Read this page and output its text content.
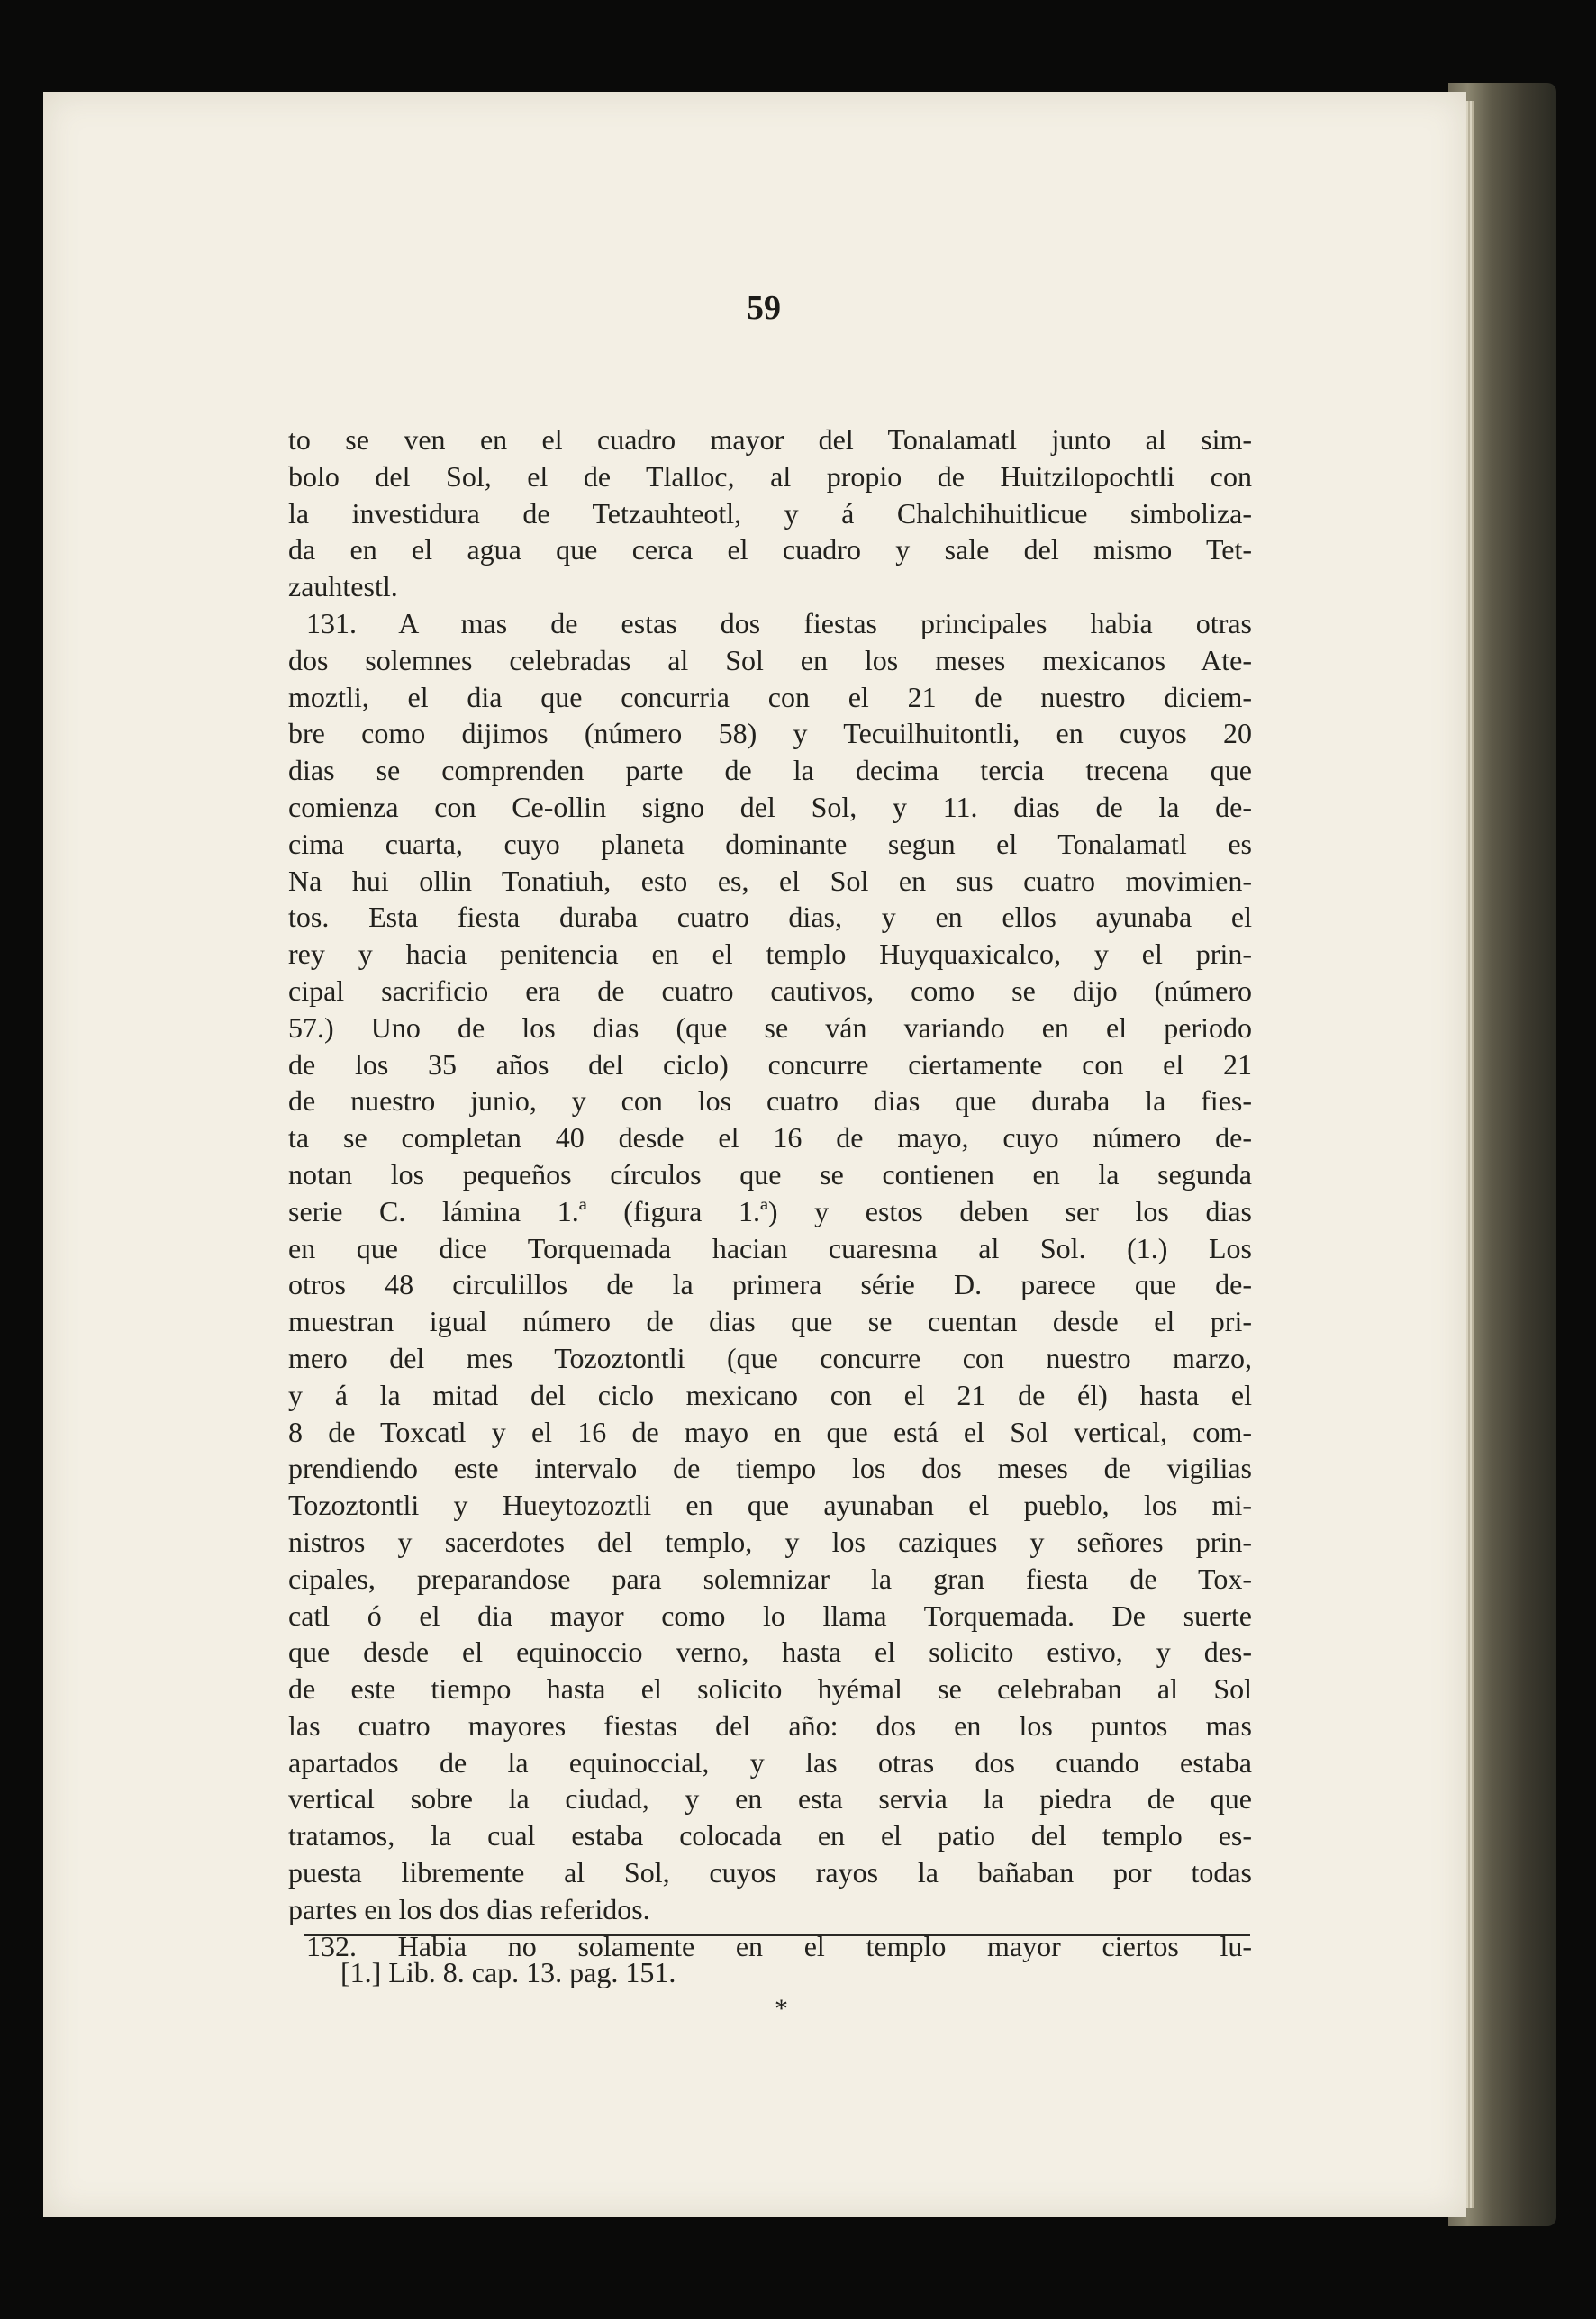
59

to se ven en el cuadro mayor del Tonalamatl junto al sim-
bolo del Sol, el de Tlalloc, al propio de Huitzilopochtli con
la investidura de Tetzauhteotl, y á Chalchihuitlicue simboliza-
da en el agua que cerca el cuadro y sale del mismo Tet-
zauhtestl.
131. A mas de estas dos fiestas principales habia otras
dos solemnes celebradas al Sol en los meses mexicanos Ate-
moztli, el dia que concurria con el 21 de nuestro diciem-
bre como dijimos (número 58) y Tecuilhuitontli, en cuyos 20
dias se comprenden parte de la decima tercia trecena que
comienza con Ce-ollin signo del Sol, y 11. dias de la de-
cima cuarta, cuyo planeta dominante segun el Tonalamatl es
Na hui ollin Tonatiuh, esto es, el Sol en sus cuatro movimien-
tos. Esta fiesta duraba cuatro dias, y en ellos ayunaba el
rey y hacia penitencia en el templo Huyquaxicalco, y el prin-
cipal sacrificio era de cuatro cautivos, como se dijo (número
57.) Uno de los dias (que se ván variando en el periodo
de los 35 años del ciclo) concurre ciertamente con el 21
de nuestro junio, y con los cuatro dias que duraba la fies-
ta se completan 40 desde el 16 de mayo, cuyo número de-
notan los pequeños círculos que se contienen en la segunda
serie C. lámina 1.ª (figura 1.ª) y estos deben ser los dias
en que dice Torquemada hacian cuaresma al Sol. (1.) Los
otros 48 circulillos de la primera série D. parece que de-
muestran igual número de dias que se cuentan desde el pri-
mero del mes Tozoztontli (que concurre con nuestro marzo,
y á la mitad del ciclo mexicano con el 21 de él) hasta el
8 de Toxcatl y el 16 de mayo en que está el Sol vertical, com-
prendiendo este intervalo de tiempo los dos meses de vigilias
Tozoztontli y Hueytozoztli en que ayunaban el pueblo, los mi-
nistros y sacerdotes del templo, y los caziques y señores prin-
cipales, preparandose para solemnizar la gran fiesta de Tox-
catl ó el dia mayor como lo llama Torquemada. De suerte
que desde el equinoccio verno, hasta el solicito estivo, y des-
de este tiempo hasta el solicito hyémal se celebraban al Sol
las cuatro mayores fiestas del año: dos en los puntos mas
apartados de la equinoccial, y las otras dos cuando estaba
vertical sobre la ciudad, y en esta servia la piedra de que
tratamos, la cual estaba colocada en el patio del templo es-
puesta libremente al Sol, cuyos rayos la bañaban por todas
partes en los dos dias referidos.
132. Habia no solamente en el templo mayor ciertos lu-
[1.] Lib. 8. cap. 13. pag. 151.
*
